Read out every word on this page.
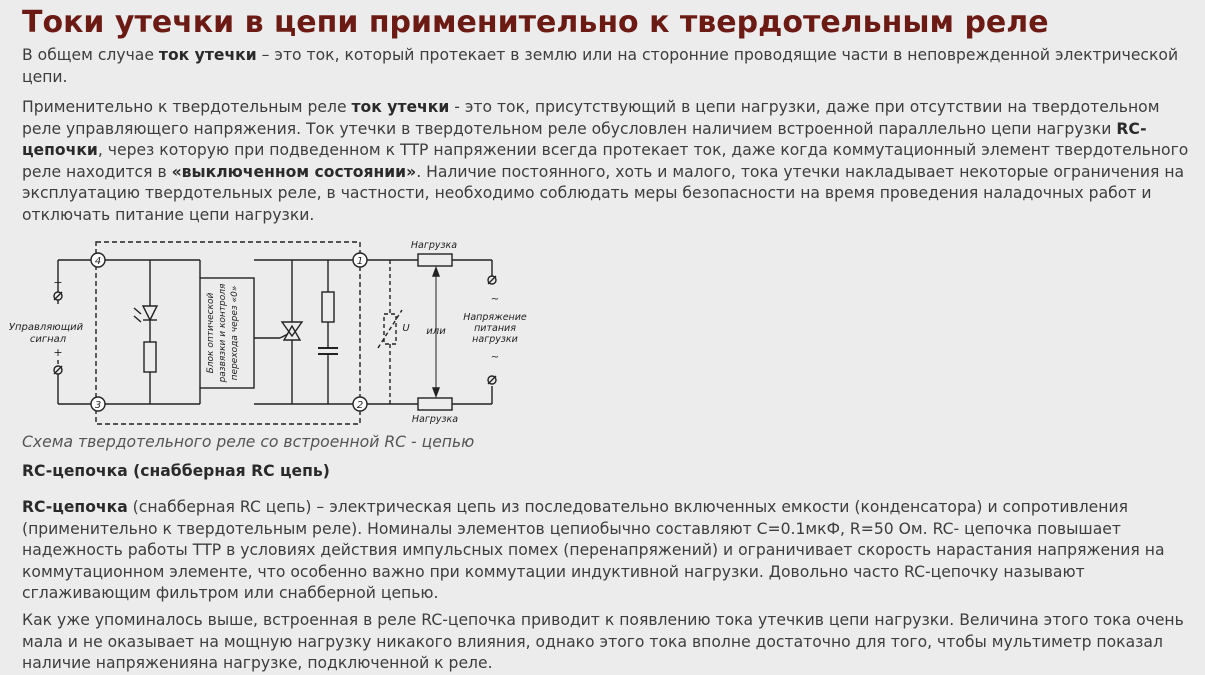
Токи утечки в цепи применительно к твердотельным реле

В общем случае ток утечки – это ток, который протекает в землю или на сторонние проводящие части в неповрежденной электрической цепи.

Применительно к твердотельным реле ток утечки - это ток, присутствующий в цепи нагрузки, даже при отсутствии на твердотельном реле управляющего напряжения. Ток утечки в твердотельном реле обусловлен наличием встроенной параллельно цепи нагрузки RC-цепочки, через которую при подведенном к ТТР напряжении всегда протекает ток, даже когда коммутационный элемент твердотельного реле находится в «выключенном состоянии». Наличие постоянного, хоть и малого, тока утечки накладывает некоторые ограничения на эксплуатацию твердотельных реле, в частности, необходимо соблюдать меры безопасности на время проведения наладочных работ и отключать питание цепи нагрузки.

4
3
1
2
−
+
Управляющий
сигнал
Нагрузка
Нагрузка
или
~
~
Напряжение
питания
нагрузки
U
Блок оптической развязки и контроля перехода через «0»
Схема твердотельного реле со встроенной RC - цепью
RC-цепочка (снабберная RC цепь)

RC-цепочка (снабберная RC цепь) – электрическая цепь из последовательно включенных емкости (конденсатора) и сопротивления (применительно к твердотельным реле). Номиналы элементов цепиобычно составляют C=0.1мкФ, R=50 Ом. RC- цепочка повышает надежность работы ТТР в условиях действия импульсных помех (перенапряжений) и ограничивает скорость нарастания напряжения на коммутационном элементе, что особенно важно при коммутации индуктивной нагрузки. Довольно часто RC-цепочку называют сглаживающим фильтром или снабберной цепью.

Как уже упоминалось выше, встроенная в реле RC-цепочка приводит к появлению тока утечкив цепи нагрузки. Величина этого тока очень мала и не оказывает на мощную нагрузку никакого влияния, однако этого тока вполне достаточно для того, чтобы мультиметр показал наличие напряженияна нагрузке, подключенной к реле.
